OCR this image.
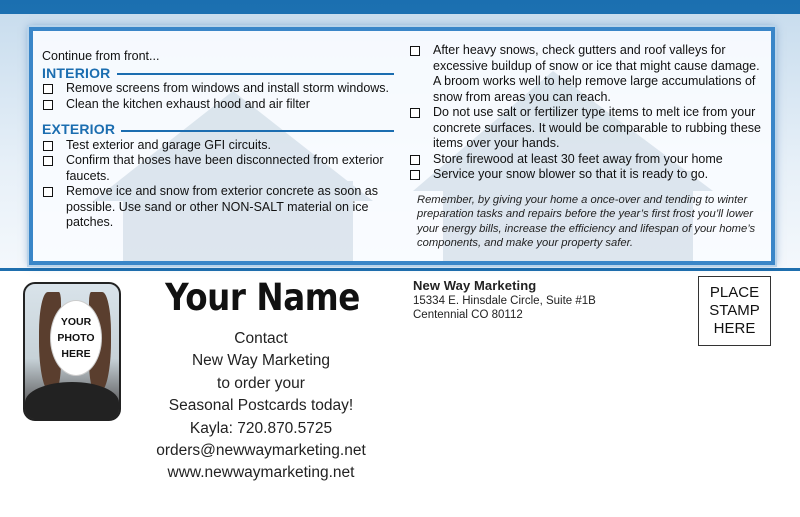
Continue from front...
INTERIOR
Remove screens from windows and install storm windows.
Clean the kitchen exhaust hood and air filter
EXTERIOR
Test exterior and garage GFI circuits.
Confirm that hoses have been disconnected from exterior faucets.
Remove ice and snow from exterior concrete as soon as possible. Use sand or other NON-SALT material on ice patches.
After heavy snows, check gutters and roof valleys for excessive buildup of snow or ice that might cause damage. A broom works well to help remove large accumulations of snow from areas you can reach.
Do not use salt or fertilizer type items to melt ice from your concrete surfaces. It would be comparable to rubbing these items over your hands.
Store firewood at least 30 feet away from your home
Service your snow blower so that it is ready to go.
Remember, by giving your home a once-over and tending to winter preparation tasks and repairs before the year’s first frost you’ll lower your energy bills, increase the efficiency and lifespan of your home’s components, and make your property safer.
YOUR
PHOTO
HERE
Your Name
Contact
New Way Marketing
to order your
Seasonal Postcards today!
Kayla: 720.870.5725
orders@newwaymarketing.net
www.newwaymarketing.net
New Way Marketing
15334 E. Hinsdale Circle, Suite #1B
Centennial CO 80112
PLACE
STAMP
HERE
